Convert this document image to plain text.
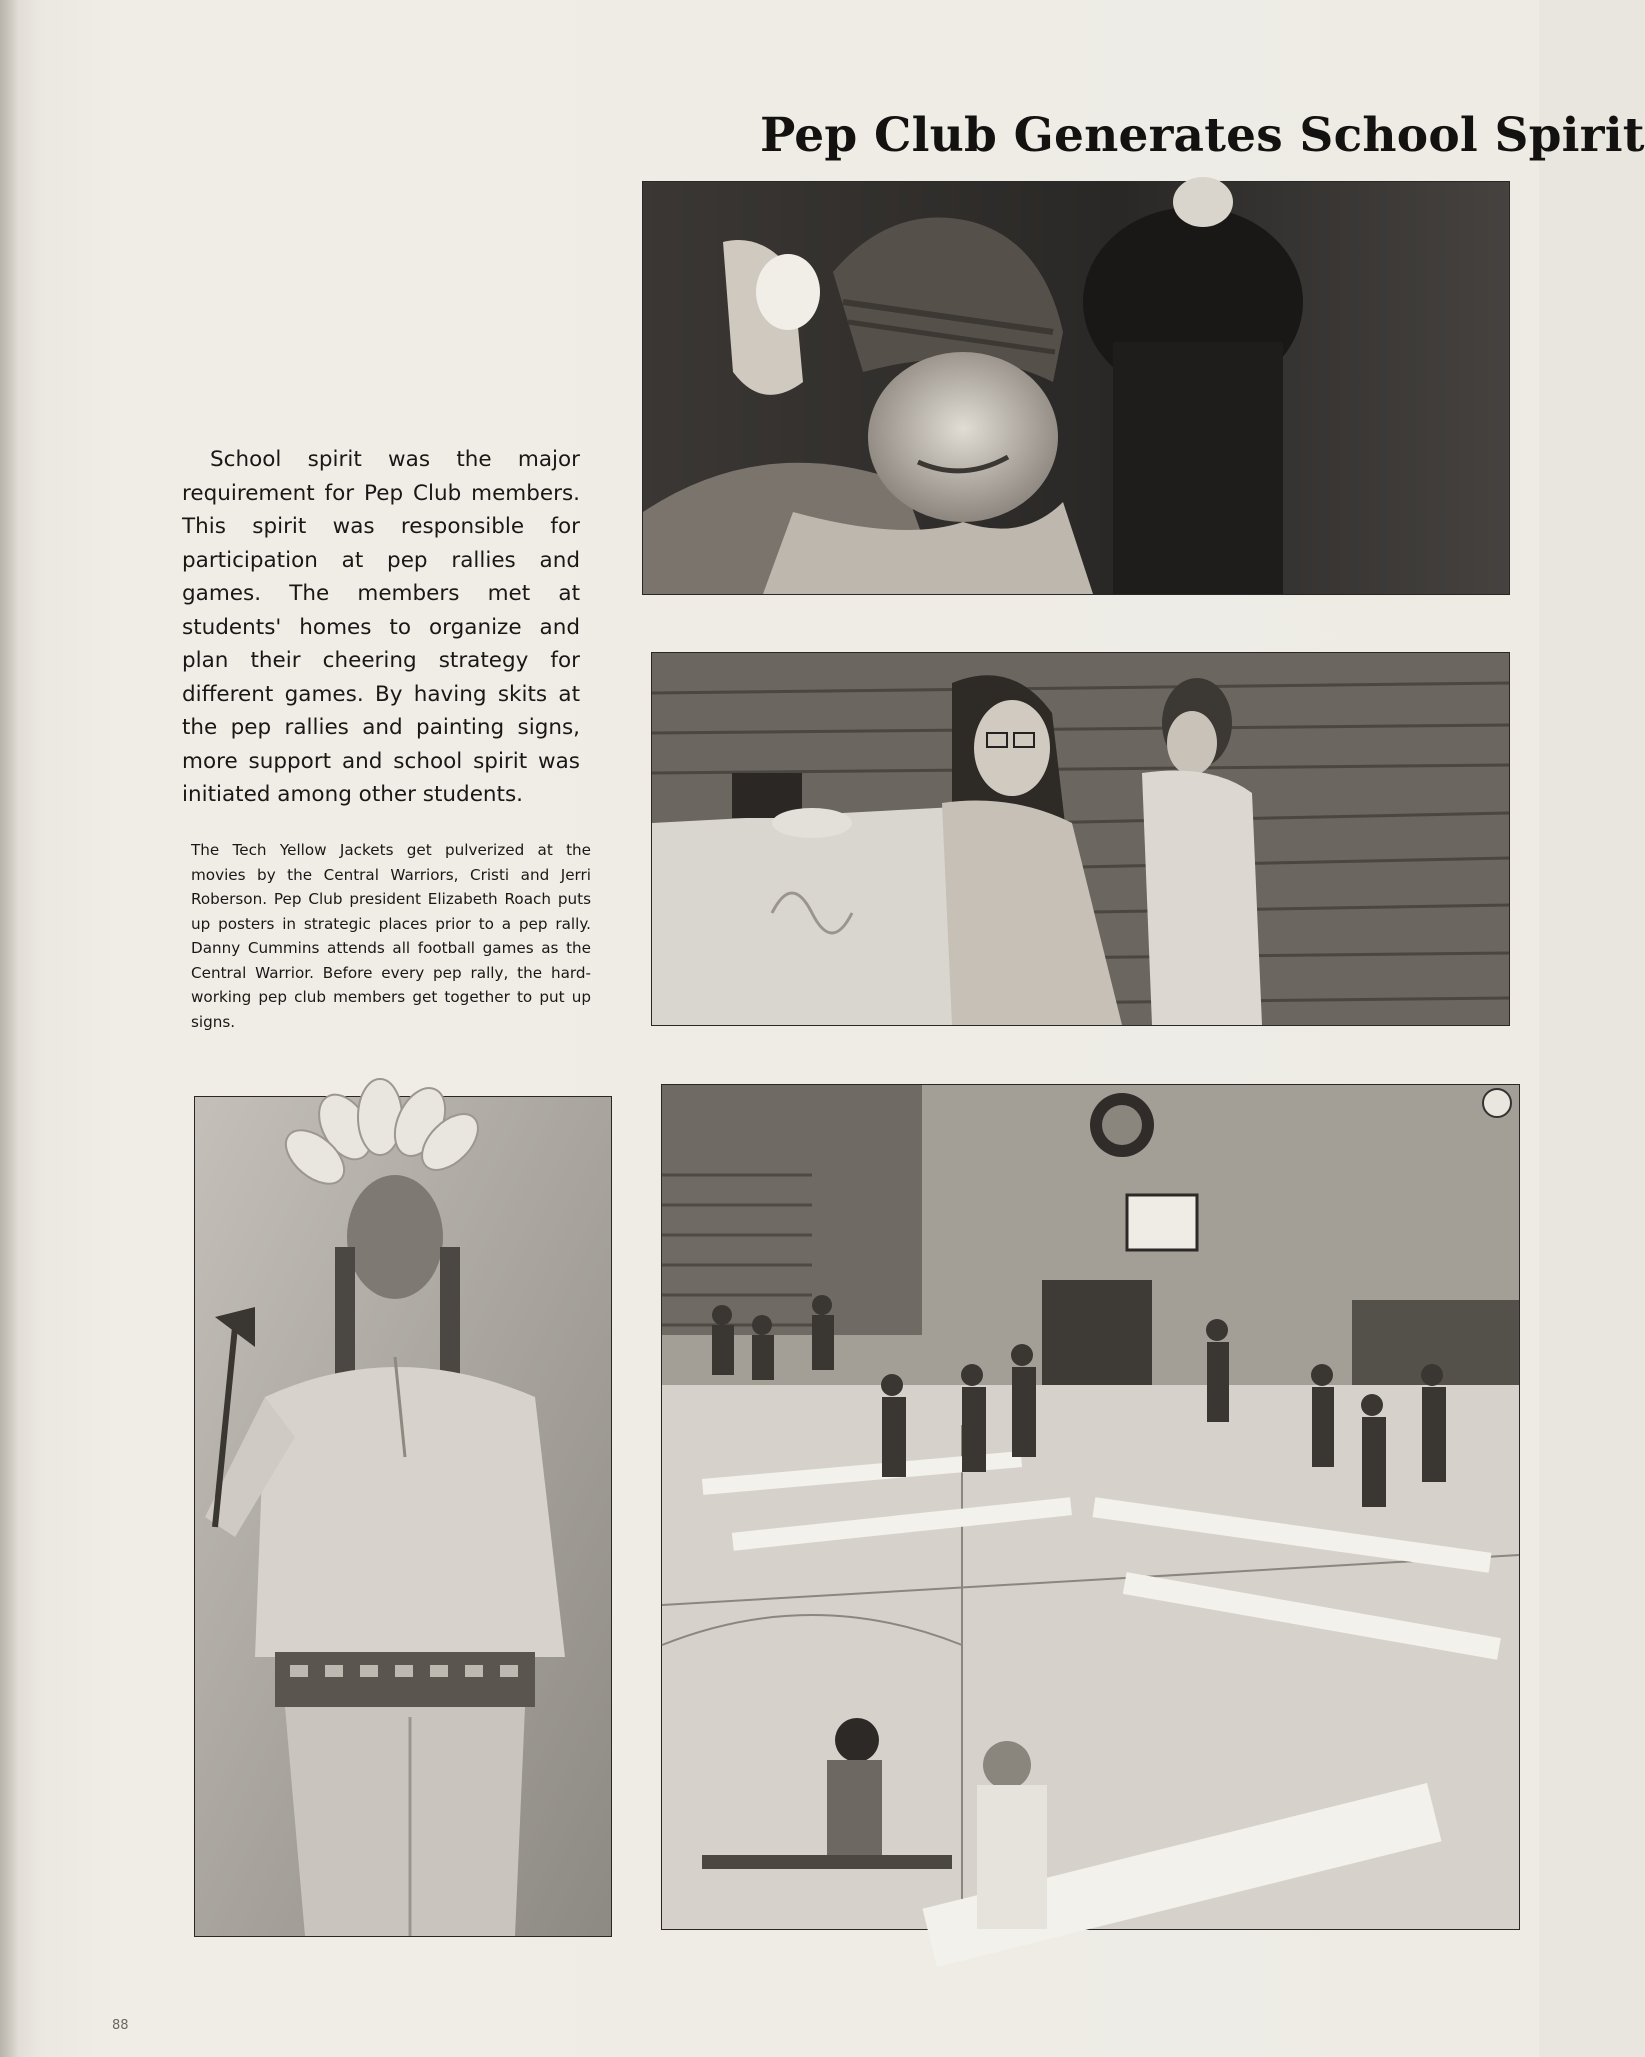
Pep Club Generates School Spirit

School spirit was the major requirement for Pep Club members. This spirit was responsible for participation at pep rallies and games. The members met at students' homes to organize and plan their cheering strategy for different games. By having skits at the pep rallies and painting signs, more support and school spirit was initiated among other students.

The Tech Yellow Jackets get pulverized at the movies by the Central Warriors, Cristi and Jerri Roberson. Pep Club president Elizabeth Roach puts up posters in strategic places prior to a pep rally. Danny Cummins attends all football games as the Central Warrior. Before every pep rally, the hard-working pep club members get together to put up signs.

88
